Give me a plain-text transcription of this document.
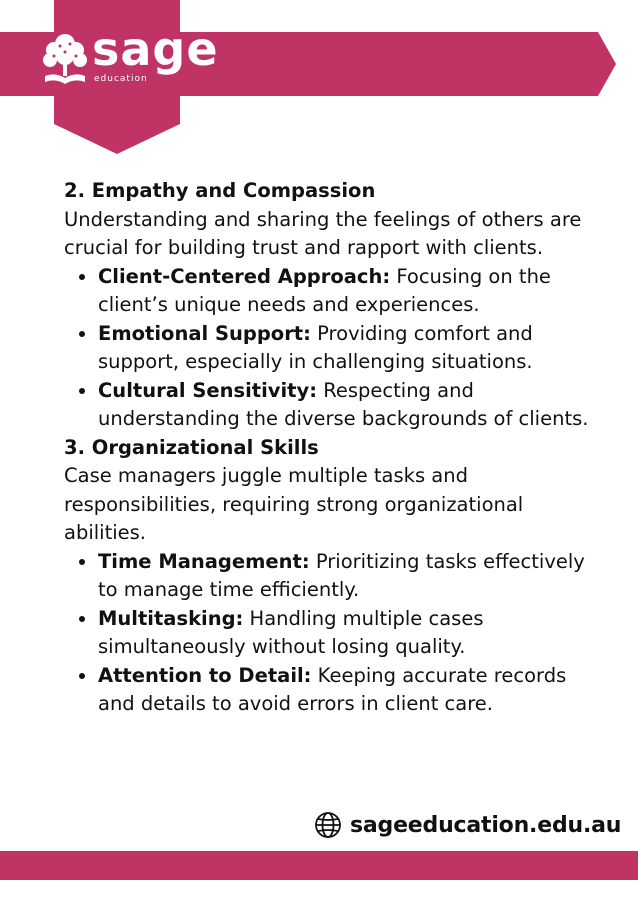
sage
education
2. Empathy and Compassion

Understanding and sharing the feelings of others are crucial for building trust and rapport with clients.

• Client-Centered Approach: Focusing on the client’s unique needs and experiences.
• Emotional Support: Providing comfort and support, especially in challenging situations.
• Cultural Sensitivity: Respecting and understanding the diverse backgrounds of clients.
3. Organizational Skills

Case managers juggle multiple tasks and responsibilities, requiring strong organizational abilities.

• Time Management: Prioritizing tasks effectively to manage time efficiently.
• Multitasking: Handling multiple cases simultaneously without losing quality.
• Attention to Detail: Keeping accurate records and details to avoid errors in client care.
sageeducation.edu.au
